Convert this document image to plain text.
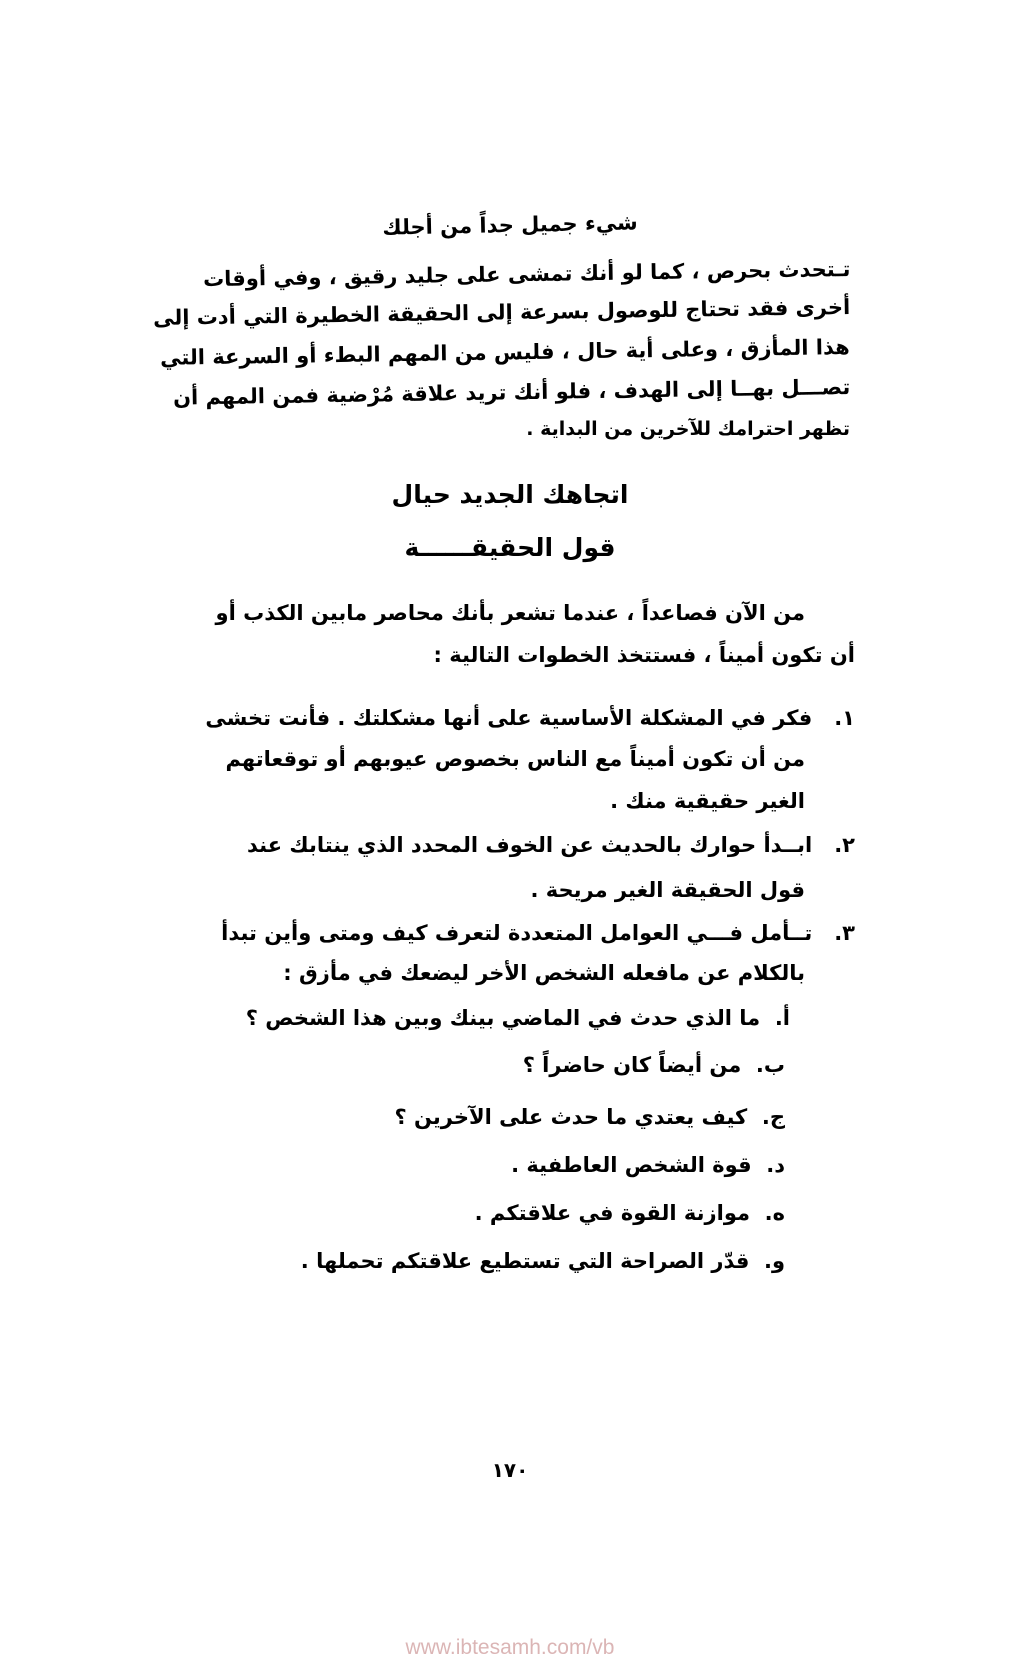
شيء جميل جداً من أجلك
تـتحدث بحرص ، كما لو أنك تمشى على جليد رقيق ، وفي أوقات
أخرى فقد تحتاج للوصول بسرعة إلى الحقيقة الخطيرة التي أدت إلى
هذا المأزق ، وعلى أية حال ، فليس من المهم البطء أو السرعة التي
تصـــل بهــا إلى الهدف ، فلو أنك تريد علاقة مُرْضية فمن المهم أن
تظهر احترامك للآخرين من البداية .
اتجاهك الجديد حيال
قول الحقيقــــــة
من الآن فصاعداً ، عندما تشعر بأنك محاصر مابين الكذب أو
أن تكون أميناً ، فستتخذ الخطوات التالية :
١.   فكر في المشكلة الأساسية على أنها مشكلتك . فأنت تخشى
من أن تكون أميناً مع الناس بخصوص عيوبهم أو توقعاتهم
الغير حقيقية منك .
٢.   ابــدأ حوارك بالحديث عن الخوف المحدد الذي ينتابك عند
قول الحقيقة الغير مريحة .
٣.   تــأمل فـــي العوامل المتعددة لتعرف كيف ومتى وأين تبدأ
بالكلام عن مافعله الشخص الأخر ليضعك في مأزق :
أ.  ما الذي حدث في الماضي بينك وبين هذا الشخص ؟
ب.  من أيضاً كان حاضراً ؟
ج.  كيف يعتدي ما حدث على الآخرين ؟
د.  قوة الشخص العاطفية .
ه.  موازنة القوة في علاقتكم .
و.  قدّر الصراحة التي تستطيع علاقتكم تحملها .
١٧٠
www.ibtesamh.com/vb
